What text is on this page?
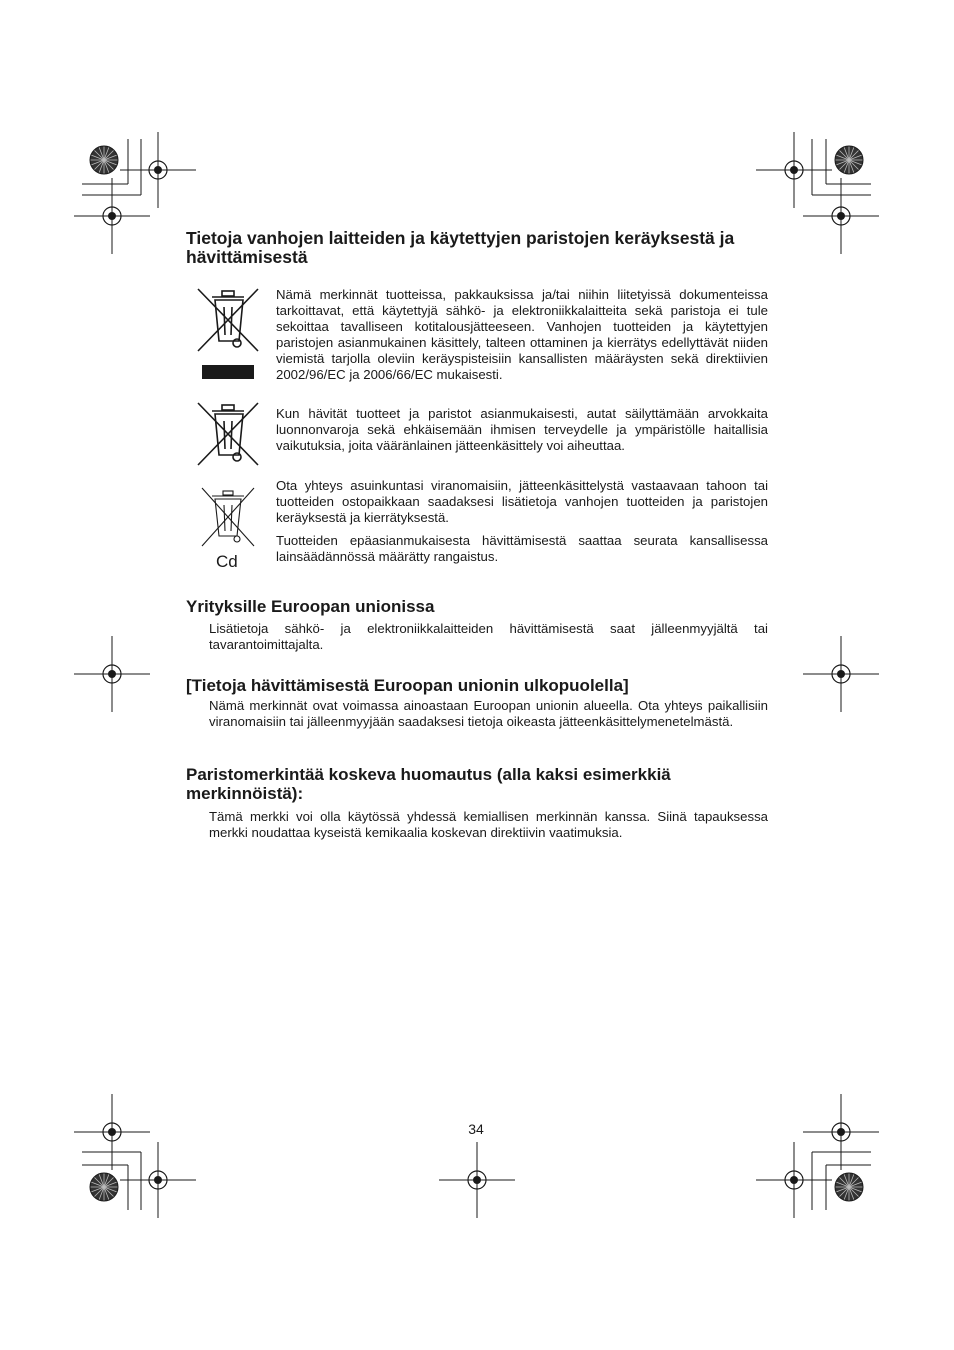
Tietoja vanhojen laitteiden ja käytettyjen paristojen keräyksestä ja hävittämisestä

Nämä merkinnät tuotteissa, pakkauksissa ja/tai niihin liitetyissä dokumenteissa tarkoittavat, että käytettyjä sähkö- ja elektroniikkalaitteita sekä paristoja ei tule sekoittaa tavalliseen kotitalousjätteeseen. Vanhojen tuotteiden ja käytettyjen paristojen asianmukainen käsittely, talteen ottaminen ja kierrätys edellyttävät niiden viemistä tarjolla oleviin keräyspisteisiin kansallisten määräysten sekä direktiivien 2002/96/EC ja 2006/66/EC mukaisesti.

Kun hävität tuotteet ja paristot asianmukaisesti, autat säilyttämään arvokkaita luonnonvaroja sekä ehkäisemään ihmisen terveydelle ja ympäristölle haitallisia vaikutuksia, joita vääränlainen jätteenkäsittely voi aiheuttaa.

Cd

Ota yhteys asuinkuntasi viranomaisiin, jätteenkäsittelystä vastaavaan tahoon tai tuotteiden ostopaikkaan saadaksesi lisätietoja vanhojen tuotteiden ja paristojen keräyksestä ja kierrätyksestä.

Tuotteiden epäasianmukaisesta hävittämisestä saattaa seurata kansallisessa lainsäädännössä määrätty rangaistus.

Yrityksille Euroopan unionissa

Lisätietoja sähkö- ja elektroniikkalaitteiden hävittämisestä saat jälleenmyyjältä tai tavarantoimittajalta.

[Tietoja hävittämisestä Euroopan unionin ulkopuolella]

Nämä merkinnät ovat voimassa ainoastaan Euroopan unionin alueella. Ota yhteys paikallisiin viranomaisiin tai jälleenmyyjään saadaksesi tietoja oikeasta jätteenkäsittelymenetelmästä.

Paristomerkintää koskeva huomautus (alla kaksi esimerkkiä merkinnöistä):

Tämä merkki voi olla käytössä yhdessä kemiallisen merkinnän kanssa. Siinä tapauksessa merkki noudattaa kyseistä kemikaalia koskevan direktiivin vaatimuksia.

34
